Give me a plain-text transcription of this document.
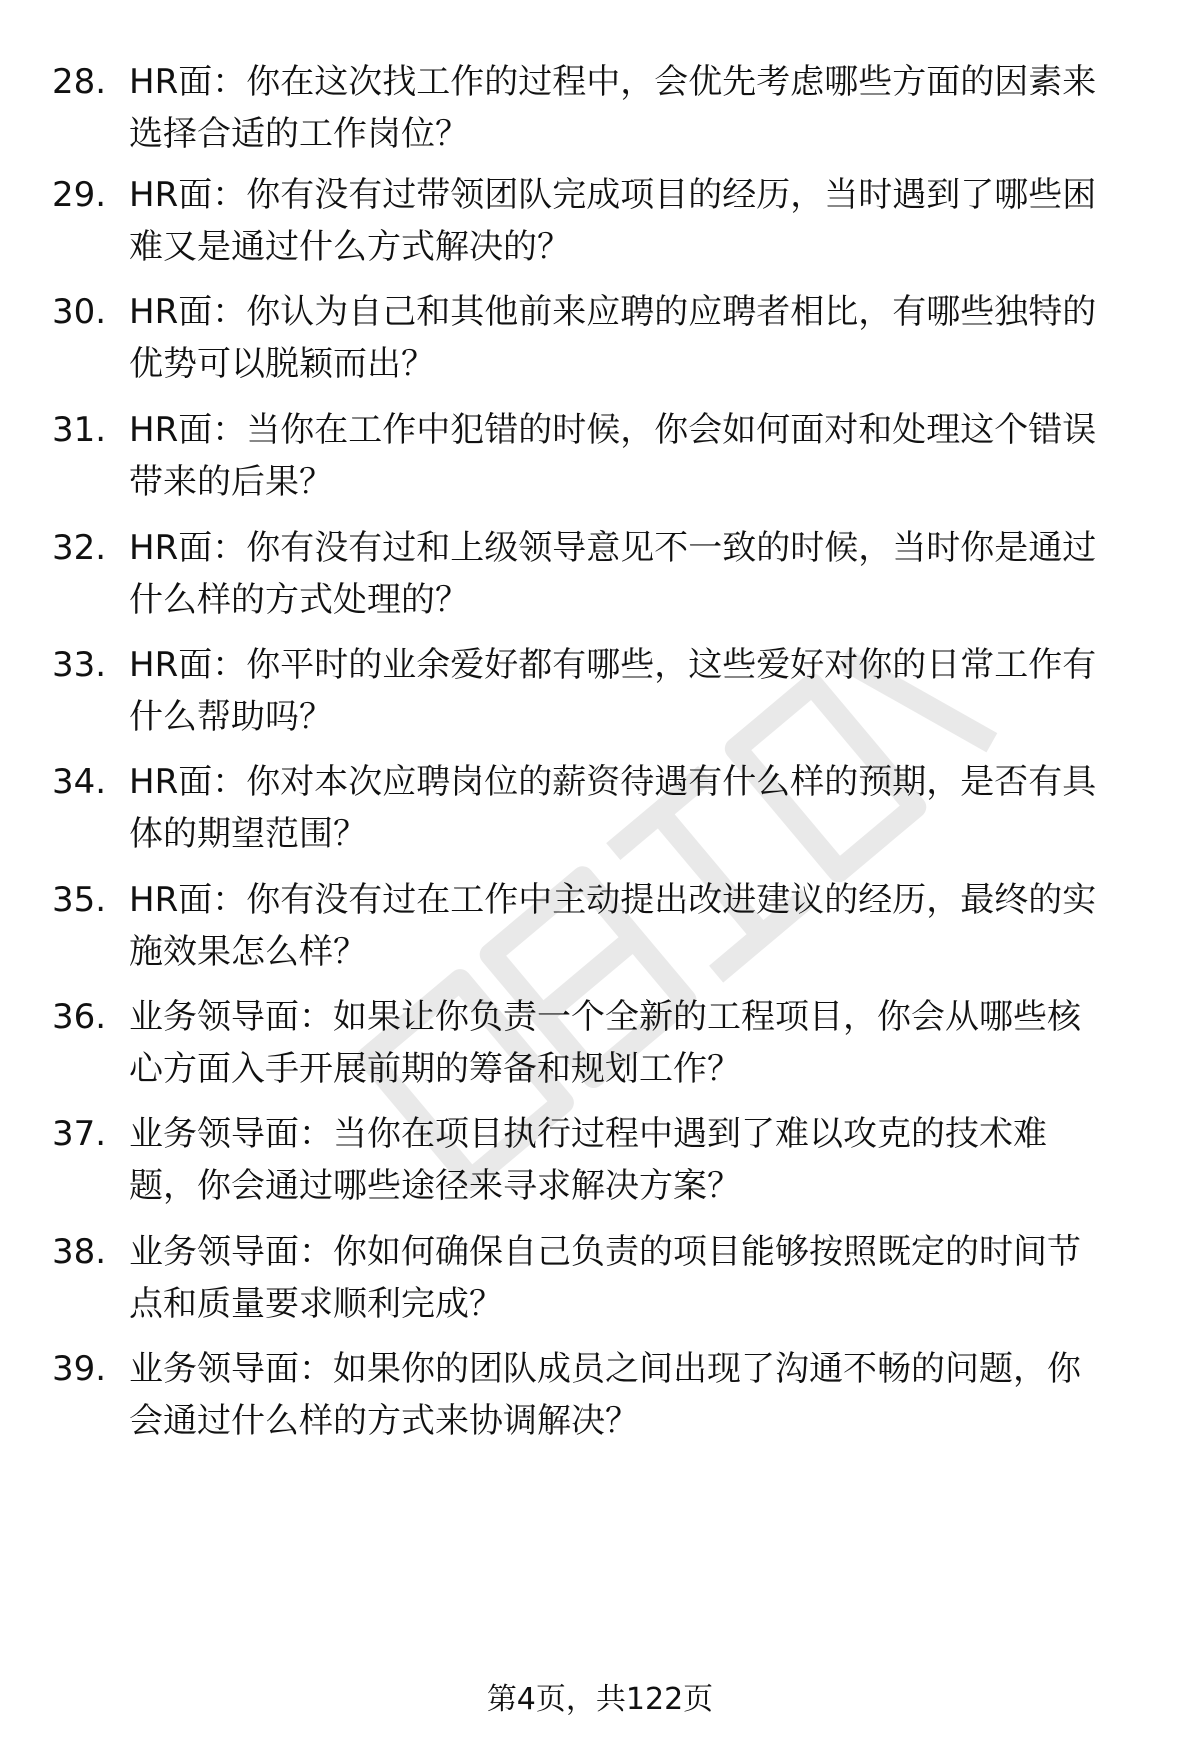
28. HR面：你在这次找工作的过程中，会优先考虑哪些方面的因素来
选择合适的工作岗位？
29. HR面：你有没有过带领团队完成项目的经历，当时遇到了哪些困
难又是通过什么方式解决的？
30. HR面：你认为自己和其他前来应聘的应聘者相比，有哪些独特的
优势可以脱颖而出？
31. HR面：当你在工作中犯错的时候，你会如何面对和处理这个错误
带来的后果？
32. HR面：你有没有过和上级领导意见不一致的时候，当时你是通过
什么样的方式处理的？
33. HR面：你平时的业余爱好都有哪些，这些爱好对你的日常工作有
什么帮助吗？
34. HR面：你对本次应聘岗位的薪资待遇有什么样的预期，是否有具
体的期望范围？
35. HR面：你有没有过在工作中主动提出改进建议的经历，最终的实
施效果怎么样？
36. 业务领导面：如果让你负责一个全新的工程项目，你会从哪些核
心方面入手开展前期的筹备和规划工作？
37. 业务领导面：当你在项目执行过程中遇到了难以攻克的技术难
题，你会通过哪些途径来寻求解决方案？
38. 业务领导面：你如何确保自己负责的项目能够按照既定的时间节
点和质量要求顺利完成？
39. 业务领导面：如果你的团队成员之间出现了沟通不畅的问题，你
会通过什么样的方式来协调解决？
第4页，共122页
